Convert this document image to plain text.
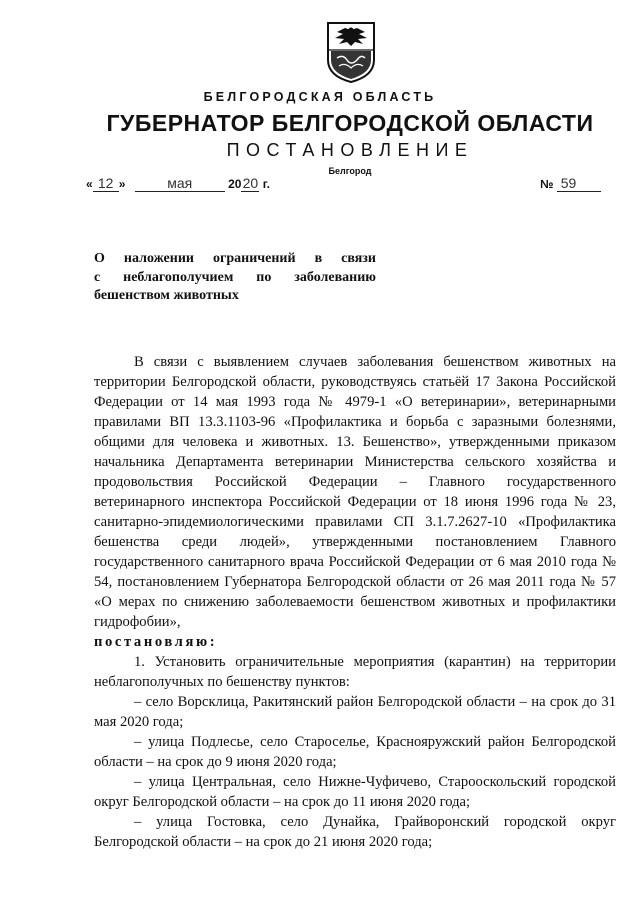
БЕЛГОРОДСКАЯ ОБЛАСТЬ
ГУБЕРНАТОР БЕЛГОРОДСКОЙ ОБЛАСТИ
ПОСТАНОВЛЕНИЕ
Белгород
« 12 »	мая	2020 г.	№ 59
О наложении ограничений в связи
с неблагополучием по заболеванию
бешенством животных

В связи с выявлением случаев заболевания бешенством животных на территории Белгородской области, руководствуясь статьёй 17 Закона Российской Федерации от 14 мая 1993 года № 4979-1 «О ветеринарии», ветеринарными правилами ВП 13.3.1103-96 «Профилактика и борьба с заразными болезнями, общими для человека и животных. 13. Бешенство», утвержденными приказом начальника Департамента ветеринарии Министерства сельского хозяйства и продовольствия Российской Федерации – Главного государственного ветеринарного инспектора Российской Федерации от 18 июня 1996 года № 23, санитарно-эпидемиологическими правилами СП 3.1.7.2627-10 «Профилактика бешенства среди людей», утвержденными постановлением Главного государственного санитарного врача Российской Федерации от 6 мая 2010 года № 54, постановлением Губернатора Белгородской области от 26 мая 2011 года № 57 «О мерах по снижению заболеваемости бешенством животных и профилактики гидрофобии»,

постановляю:

1. Установить ограничительные мероприятия (карантин) на территории неблагополучных по бешенству пунктов:

– село Ворсклица, Ракитянский район Белгородской области – на срок до 31 мая 2020 года;

– улица Подлесье, село Староселье, Краснояружский район Белгородской области – на срок до 9 июня 2020 года;

– улица Центральная, село Нижне-Чуфичево, Старооскольский городской округ Белгородской области – на срок до 11 июня 2020 года;

– улица Гостовка, село Дунайка, Грайворонский городской округ Белгородской области – на срок до 21 июня 2020 года;
